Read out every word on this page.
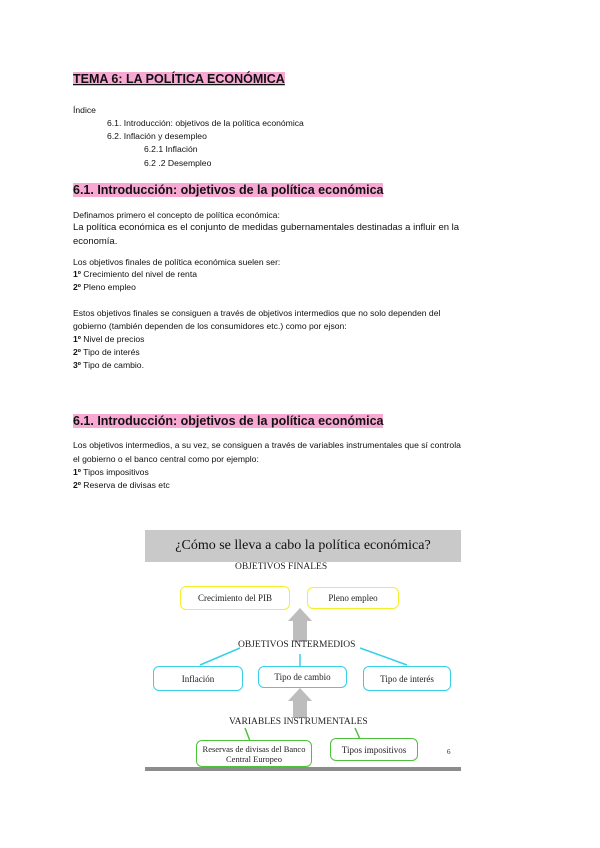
TEMA 6: LA POLÍTICA ECONÓMICA
Índice
6.1. Introducción: objetivos de la política económica
6.2. Inflación y desempleo
6.2.1 Inflación
6.2 .2 Desempleo
6.1. Introducción: objetivos de la política económica
Definamos primero el concepto de política económica:
La política económica es el conjunto de medidas gubernamentales destinadas a influir en la
economía.
Los objetivos finales de política económica suelen ser:
1º Crecimiento del nivel de renta
2º Pleno empleo
Estos objetivos finales se consiguen a través de objetivos intermedios que no solo dependen del
gobierno (también dependen de los consumidores etc.) como por ejson:
1º Nivel de precios
2º Tipo de interés
3º Tipo de cambio.
6.1. Introducción: objetivos de la política económica
Los objetivos intermedios, a su vez, se consiguen a través de variables instrumentales que sí controla
el gobierno o el banco central como por ejemplo:
1º Tipos impositivos
2º Reserva de divisas etc
¿Cómo se lleva a cabo la política económica?
OBJETIVOS FINALES
Crecimiento del PIB	Pleno empleo
OBJETIVOS INTERMEDIOS
Inflación	Tipo de cambio	Tipo de interés
VARIABLES INSTRUMENTALES
Reservas de divisas del Banco Central Europeo
Tipos impositivos	6
